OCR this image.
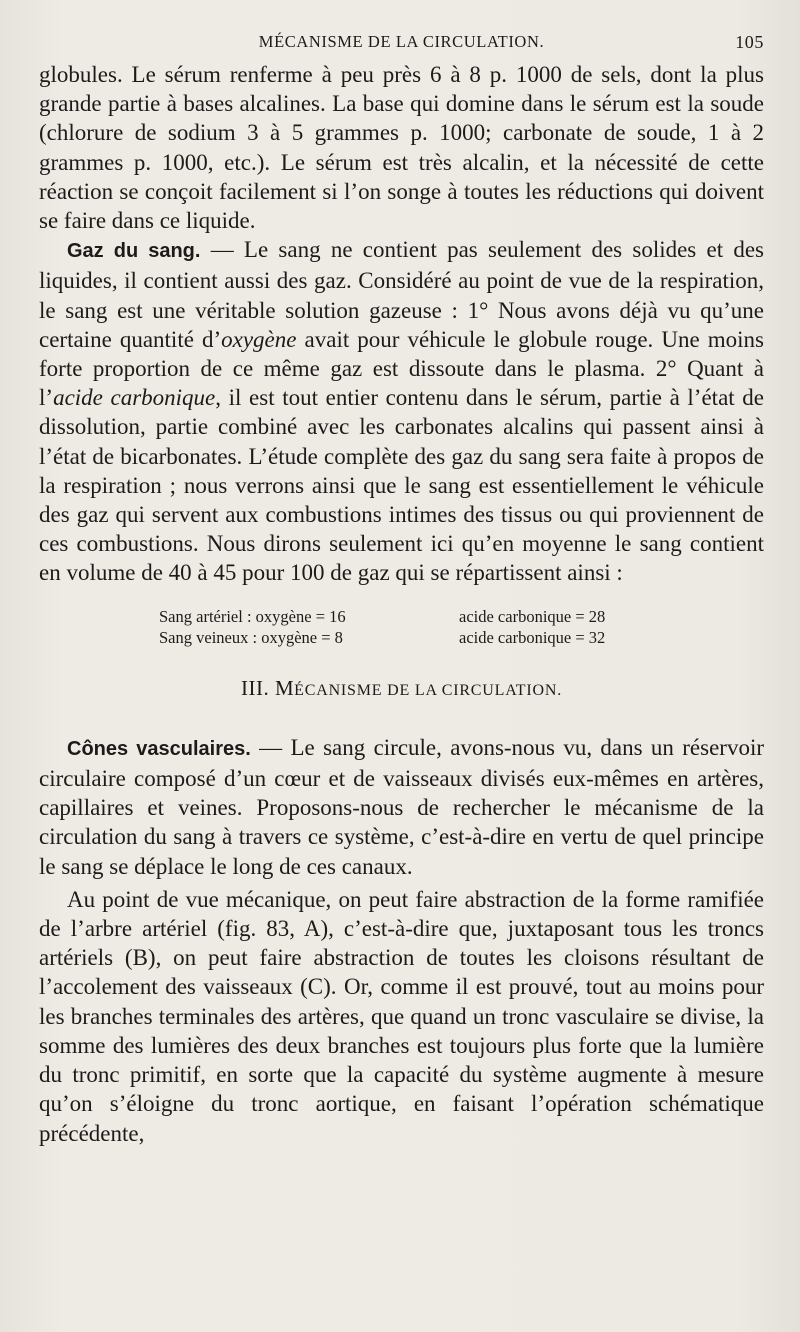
MÉCANISME DE LA CIRCULATION.	105

globules. Le sérum renferme à peu près 6 à 8 p. 1000 de sels, dont la plus grande partie à bases alcalines. La base qui domine dans le sérum est la soude (chlorure de sodium 3 à 5 grammes p. 1000; carbonate de soude, 1 à 2 grammes p. 1000, etc.). Le sérum est très alcalin, et la nécessité de cette réaction se conçoit facilement si l’on songe à toutes les réductions qui doivent se faire dans ce liquide.

Gaz du sang. — Le sang ne contient pas seulement des solides et des liquides, il contient aussi des gaz. Considéré au point de vue de la respiration, le sang est une véritable solution gazeuse : 1° Nous avons déjà vu qu’une certaine quantité d’oxygène avait pour véhicule le globule rouge. Une moins forte proportion de ce même gaz est dissoute dans le plasma. 2° Quant à l’acide carbonique, il est tout entier contenu dans le sérum, partie à l’état de dissolution, partie combiné avec les carbonates alcalins qui passent ainsi à l’état de bicarbonates. L’étude complète des gaz du sang sera faite à propos de la respiration ; nous verrons ainsi que le sang est essentiellement le véhicule des gaz qui servent aux combustions intimes des tissus ou qui proviennent de ces combustions. Nous dirons seulement ici qu’en moyenne le sang contient en volume de 40 à 45 pour 100 de gaz qui se répartissent ainsi :

Sang artériel : oxygène = 16	acide carbonique = 28
Sang veineux : oxygène = 8	acide carbonique = 32
III. MÉCANISME DE LA CIRCULATION.

Cônes vasculaires. — Le sang circule, avons-nous vu, dans un réservoir circulaire composé d’un cœur et de vaisseaux divisés eux-mêmes en artères, capillaires et veines. Proposons-nous de rechercher le mécanisme de la circulation du sang à travers ce système, c’est-à-dire en vertu de quel principe le sang se déplace le long de ces canaux.

Au point de vue mécanique, on peut faire abstraction de la forme ramifiée de l’arbre artériel (fig. 83, A), c’est-à-dire que, juxtaposant tous les troncs artériels (B), on peut faire abstraction de toutes les cloisons résultant de l’accolement des vaisseaux (C). Or, comme il est prouvé, tout au moins pour les branches terminales des artères, que quand un tronc vasculaire se divise, la somme des lumières des deux branches est toujours plus forte que la lumière du tronc primitif, en sorte que la capacité du système augmente à mesure qu’on s’éloigne du tronc aortique, en faisant l’opération schématique précédente,
